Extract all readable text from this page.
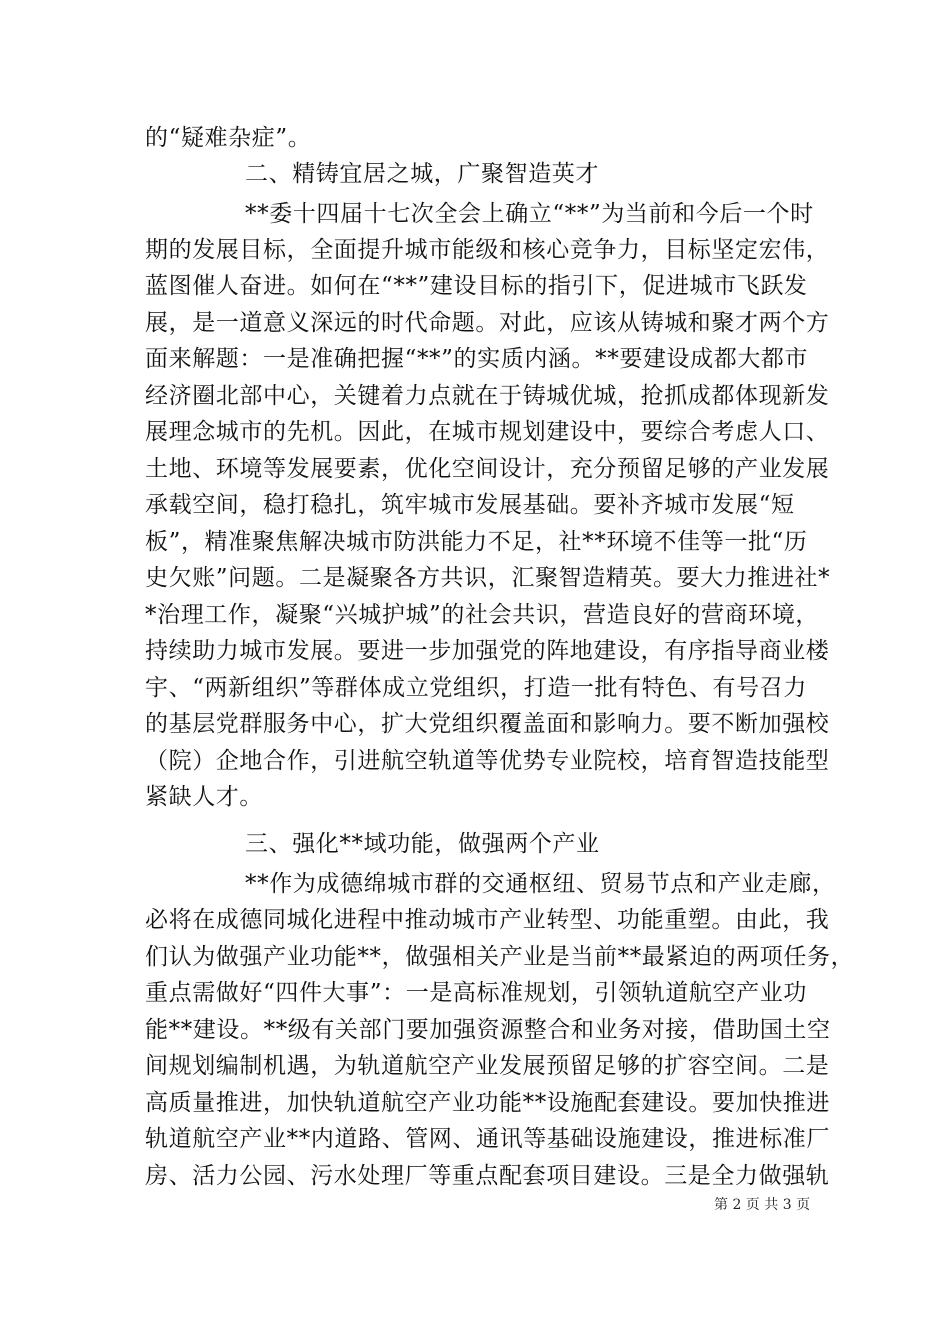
的“疑难杂症”。
二、精铸宜居之城，广聚智造英才
**委十四届十七次全会上确立“**”为当前和今后一个时
期的发展目标，全面提升城市能级和核心竞争力，目标坚定宏伟，
蓝图催人奋进。如何在“**”建设目标的指引下，促进城市飞跃发
展，是一道意义深远的时代命题。对此，应该从铸城和聚才两个方
面来解题：一是准确把握“**”的实质内涵。**要建设成都大都市
经济圈北部中心，关键着力点就在于铸城优城，抢抓成都体现新发
展理念城市的先机。因此，在城市规划建设中，要综合考虑人口、
土地、环境等发展要素，优化空间设计，充分预留足够的产业发展
承载空间，稳打稳扎，筑牢城市发展基础。要补齐城市发展“短
板”，精准聚焦解决城市防洪能力不足，社**环境不佳等一批“历
史欠账”问题。二是凝聚各方共识，汇聚智造精英。要大力推进社*
*治理工作，凝聚“兴城护城”的社会共识，营造良好的营商环境，
持续助力城市发展。要进一步加强党的阵地建设，有序指导商业楼
宇、“两新组织”等群体成立党组织，打造一批有特色、有号召力
的基层党群服务中心，扩大党组织覆盖面和影响力。要不断加强校
（院）企地合作，引进航空轨道等优势专业院校，培育智造技能型
紧缺人才。
三、强化**域功能，做强两个产业
**作为成德绵城市群的交通枢纽、贸易节点和产业走廊，
必将在成德同城化进程中推动城市产业转型、功能重塑。由此，我
们认为做强产业功能**，做强相关产业是当前**最紧迫的两项任务，
重点需做好“四件大事”：一是高标准规划，引领轨道航空产业功
能**建设。**级有关部门要加强资源整合和业务对接，借助国土空
间规划编制机遇，为轨道航空产业发展预留足够的扩容空间。二是
高质量推进，加快轨道航空产业功能**设施配套建设。要加快推进
轨道航空产业**内道路、管网、通讯等基础设施建设，推进标准厂
房、活力公园、污水处理厂等重点配套项目建设。三是全力做强轨
第 2 页 共 3 页
